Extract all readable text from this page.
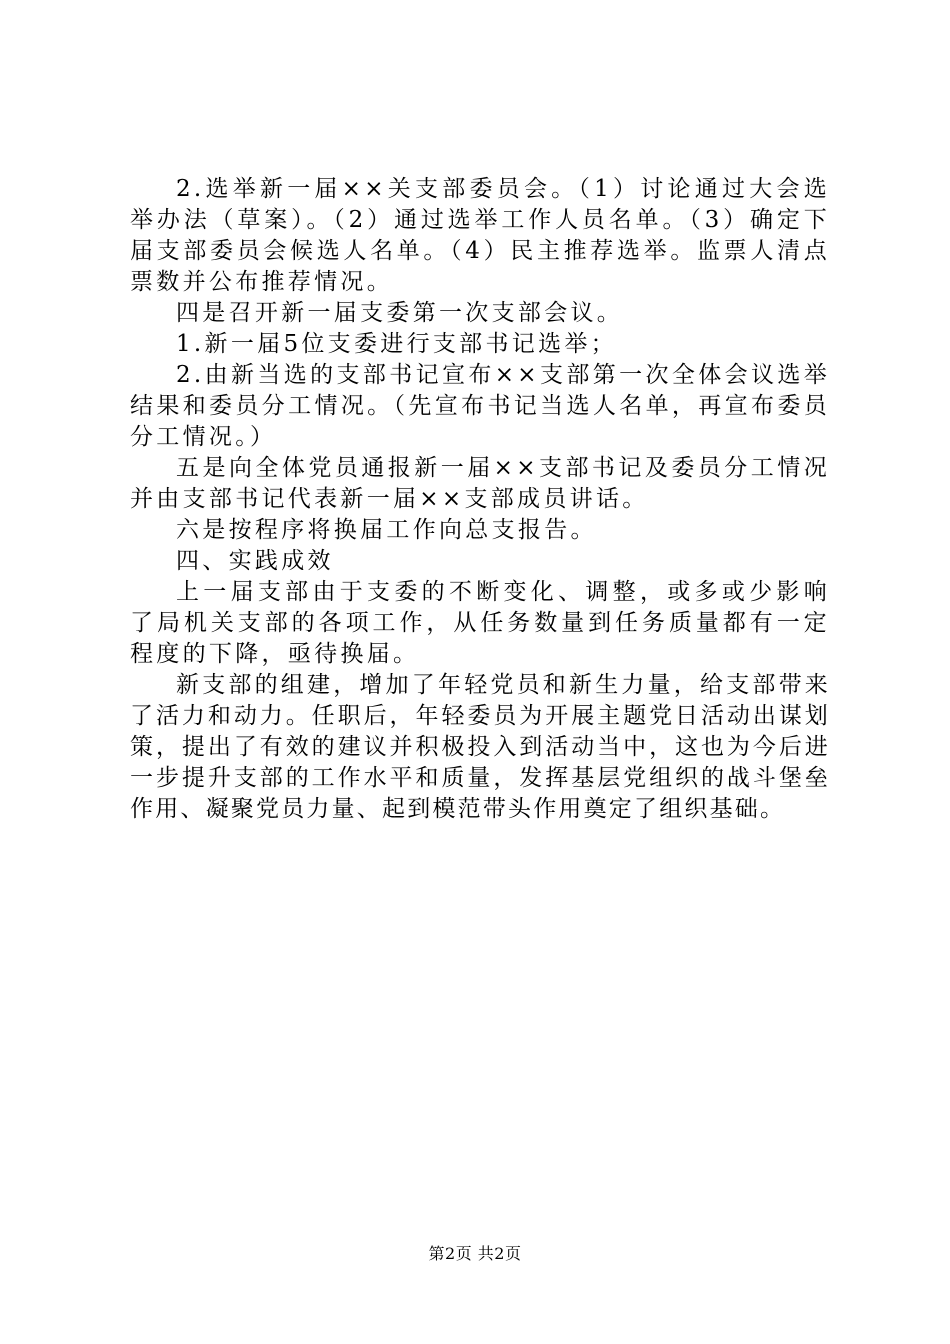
2.选举新一届××关支部委员会。（1）讨论通过大会选举办法（草案）。（2）通过选举工作人员名单。（3）确定下届支部委员会候选人名单。（4）民主推荐选举。监票人清点票数并公布推荐情况。

四是召开新一届支委第一次支部会议。

1.新一届5位支委进行支部书记选举；

2.由新当选的支部书记宣布××支部第一次全体会议选举结果和委员分工情况。（先宣布书记当选人名单，再宣布委员分工情况。）

五是向全体党员通报新一届××支部书记及委员分工情况并由支部书记代表新一届××支部成员讲话。

六是按程序将换届工作向总支报告。

四、实践成效

上一届支部由于支委的不断变化、调整，或多或少影响了局机关支部的各项工作，从任务数量到任务质量都有一定程度的下降，亟待换届。

新支部的组建，增加了年轻党员和新生力量，给支部带来了活力和动力。任职后，年轻委员为开展主题党日活动出谋划策，提出了有效的建议并积极投入到活动当中，这也为今后进一步提升支部的工作水平和质量，发挥基层党组织的战斗堡垒作用、凝聚党员力量、起到模范带头作用奠定了组织基础。

第2页 共2页
